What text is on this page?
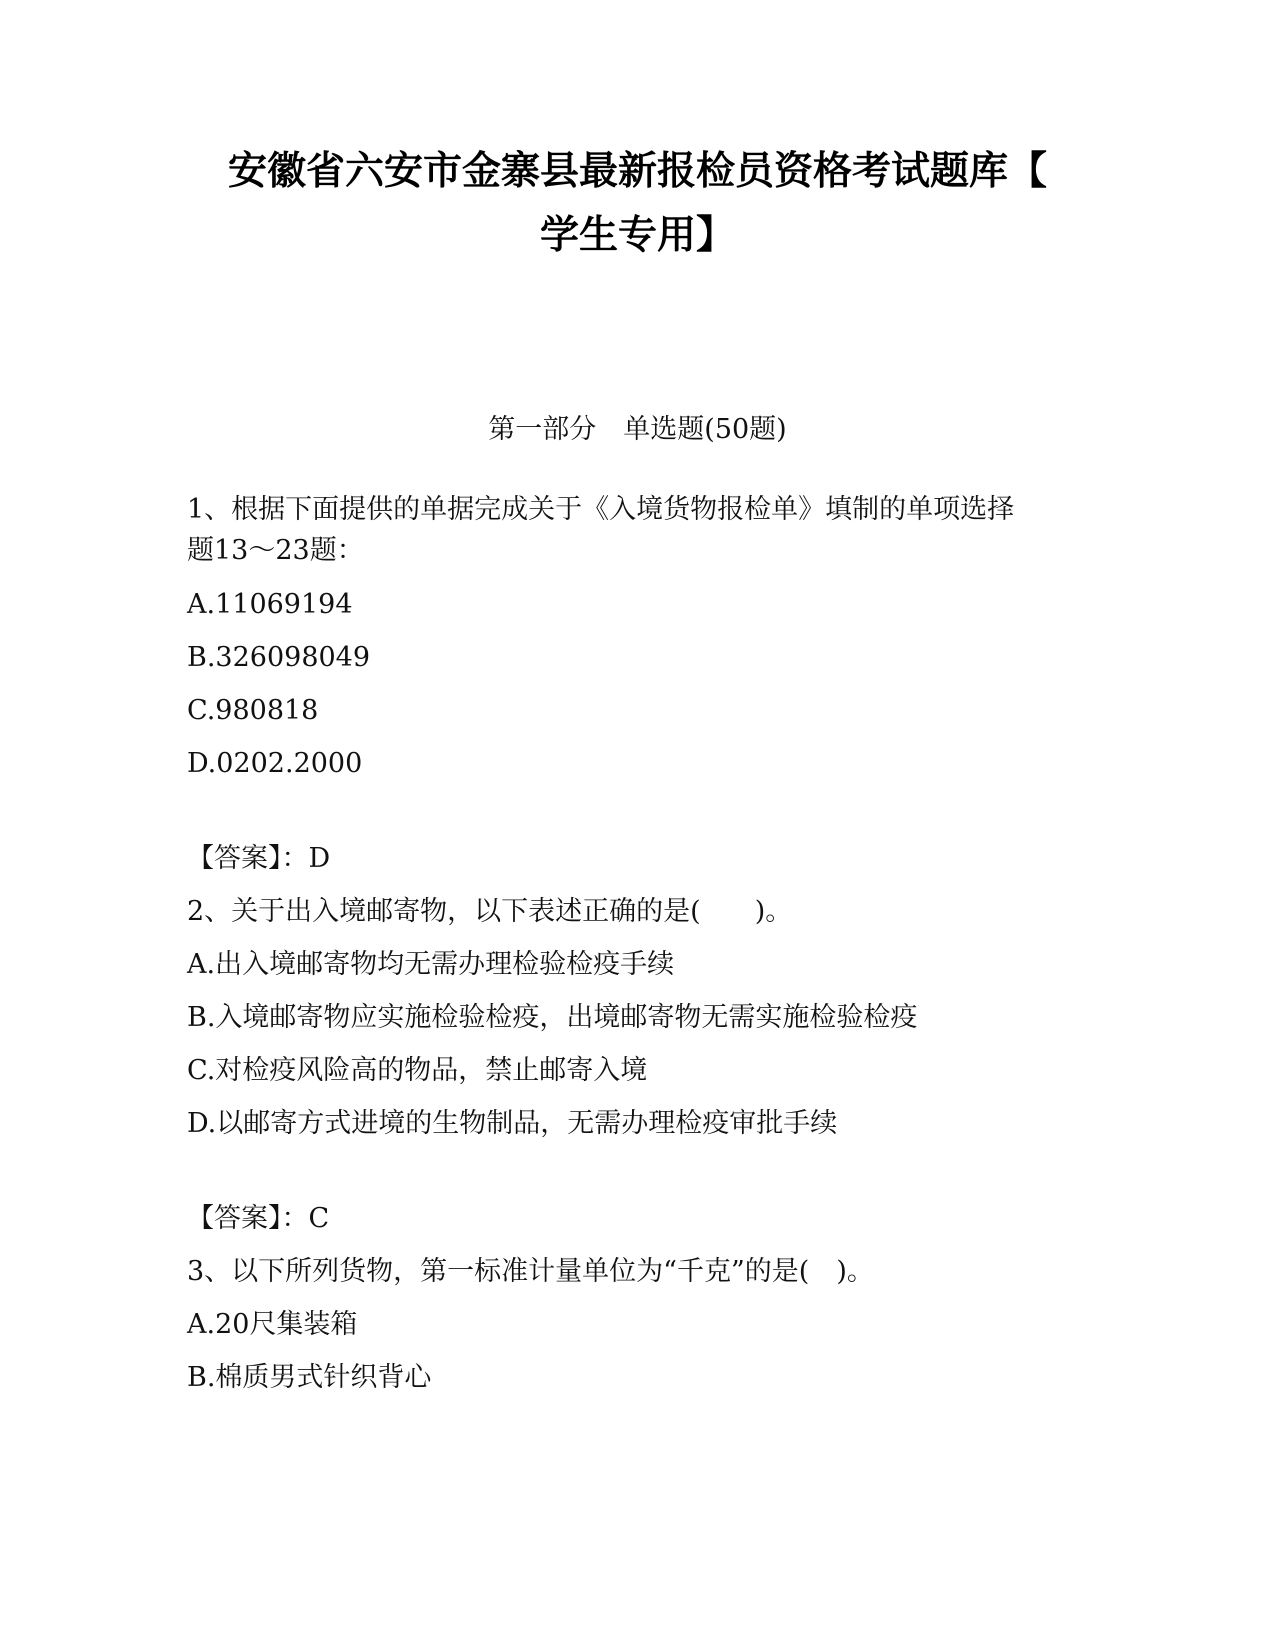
安徽省六安市金寨县最新报检员资格考试题库【
学生专用】
第一部分　单选题(50题)
1、根据下面提供的单据完成关于《入境货物报检单》填制的单项选择
题13～23题：
A.11069194
B.326098049
C.980818
D.0202.2000
【答案】：D
2、关于出入境邮寄物，以下表述正确的是(　　)。
A.出入境邮寄物均无需办理检验检疫手续
B.入境邮寄物应实施检验检疫，出境邮寄物无需实施检验检疫
C.对检疫风险高的物品，禁止邮寄入境
D.以邮寄方式进境的生物制品，无需办理检疫审批手续
【答案】：C
3、以下所列货物，第一标准计量单位为“千克”的是(　)。
A.20尺集装箱
B.棉质男式针织背心
